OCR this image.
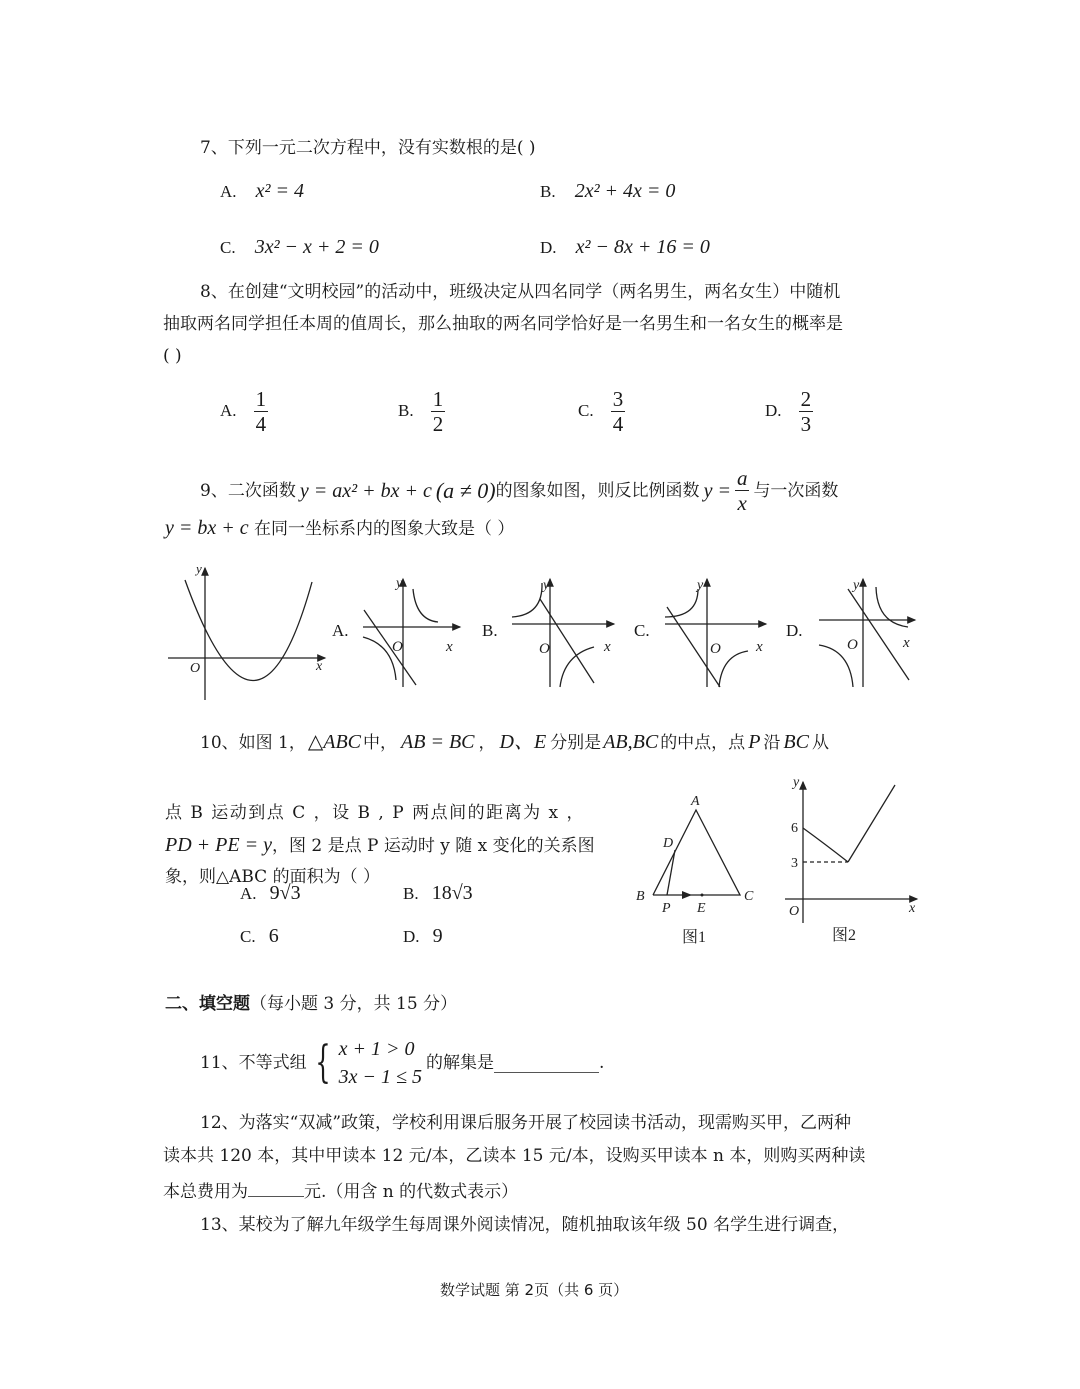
7、下列一元二次方程中，没有实数根的是( )
A. x² = 4	B. 2x² + 4x = 0
C. 3x² − x + 2 = 0	D. x² − 8x + 16 = 0
8、在创建“文明校园”的活动中，班级决定从四名同学（两名男生，两名女生）中随机
抽取两名同学担任本周的值周长，那么抽取的两名同学恰好是一名男生和一名女生的概率是
( )
A. $\frac{1}{4}$	B. $\frac{1}{2}$	C. $\frac{3}{4}$	D. $\frac{2}{3}$
9、二次函数 y = ax² + bx + c (a ≠ 0) 的图象如图，则反比例函数 $y = \frac{a}{x}$ 与一次函数
y = bx + c 在同一坐标系内的图象大致是（ ）
y
O	x
A.
y
O	x
B.
y
O	x
C.
y
O x
D.
y
O	x
10、如图 1， △ABC 中， AB = BC ， D、E 分别是 AB,BC 的中点，点 P 沿 BC 从
点 B 运动到点 C ，设 B , P 两点间的距离为 x ，
PD + PE = y，图 2 是点 P 运动时 y 随 x 变化的关系图
象，则△ABC 的面积为（ ）
A. 9√3	B. 18√3
C. 6	D. 9
A
B	C
D
P E
图1
y
6
3
O	x
图2
二、填空题（每小题 3 分，共 15 分）
11、不等式组 { x + 1 > 0
3x − 1 ≤ 5
的解集是	.
12、为落实“双减”政策，学校利用课后服务开展了校园读书活动，现需购买甲，乙两种
读本共 120 本，其中甲读本 12 元/本，乙读本 15 元/本，设购买甲读本 n 本，则购买两种读
本总费用为	元.（用含 n 的代数式表示）
13、某校为了解九年级学生每周课外阅读情况，随机抽取该年级 50 名学生进行调查，
数学试题 第 2页（共 6 页）
